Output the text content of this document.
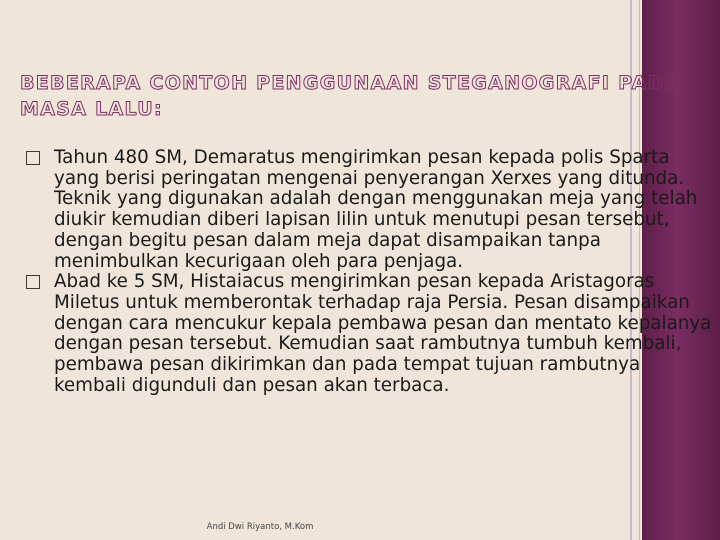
BEBERAPA CONTOH PENGGUNAAN STEGANOGRAFI PADA MASA LALU:
Tahun 480 SM, Demaratus mengirimkan pesan kepada polis Sparta yang berisi peringatan mengenai penyerangan Xerxes yang ditunda. Teknik yang digunakan adalah dengan menggunakan meja yang telah diukir kemudian diberi lapisan lilin untuk menutupi pesan tersebut, dengan begitu pesan dalam meja dapat disampaikan tanpa menimbulkan kecurigaan oleh para penjaga.
Abad ke 5 SM, Histaiacus mengirimkan pesan kepada Aristagoras Miletus untuk memberontak terhadap raja Persia. Pesan disampaikan dengan cara mencukur kepala pembawa pesan dan mentato kepalanya dengan pesan tersebut. Kemudian saat rambutnya tumbuh kembali, pembawa pesan dikirimkan dan pada tempat tujuan rambutnya kembali digunduli dan pesan akan terbaca.
Andi Dwi Riyanto, M.Kom
